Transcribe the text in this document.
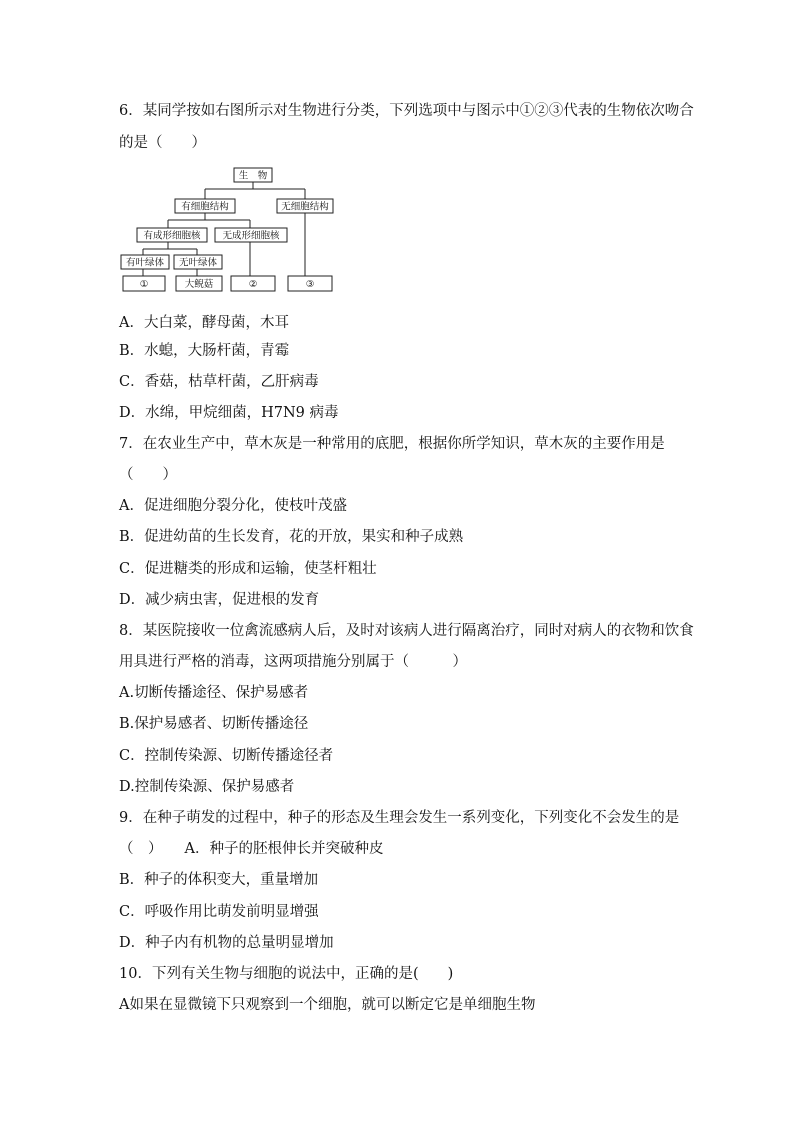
6．某同学按如右图所示对生物进行分类，下列选项中与图示中①②③代表的生物依次吻合
的是（　　）
生　物
有细胞结构	无细胞结构
有成形细胞核 无成形细胞核
有叶绿体 无叶绿体
①	大鲵菇	②	③
A．大白菜，酵母菌，木耳
B．水螅，大肠杆菌，青霉
C．香菇，枯草杆菌，乙肝病毒
D．水绵，甲烷细菌，H7N9 病毒
7．在农业生产中，草木灰是一种常用的底肥，根据你所学知识，草木灰的主要作用是
（　　）
A．促进细胞分裂分化，使枝叶茂盛
B．促进幼苗的生长发育，花的开放，果实和种子成熟
C．促进糖类的形成和运输，使茎杆粗壮
D．减少病虫害，促进根的发育
8．某医院接收一位禽流感病人后，及时对该病人进行隔离治疗，同时对病人的衣物和饮食
用具进行严格的消毒，这两项措施分别属于（　　　）
A.切断传播途径、保护易感者
B.保护易感者、切断传播途径
C．控制传染源、切断传播途径者
D.控制传染源、保护易感者
9．在种子萌发的过程中，种子的形态及生理会发生一系列变化，下列变化不会发生的是
（　） A．种子的胚根伸长并突破种皮
B．种子的体积变大，重量增加
C．呼吸作用比萌发前明显增强
D．种子内有机物的总量明显增加
10．下列有关生物与细胞的说法中，正确的是(　　)
A如果在显微镜下只观察到一个细胞，就可以断定它是单细胞生物
